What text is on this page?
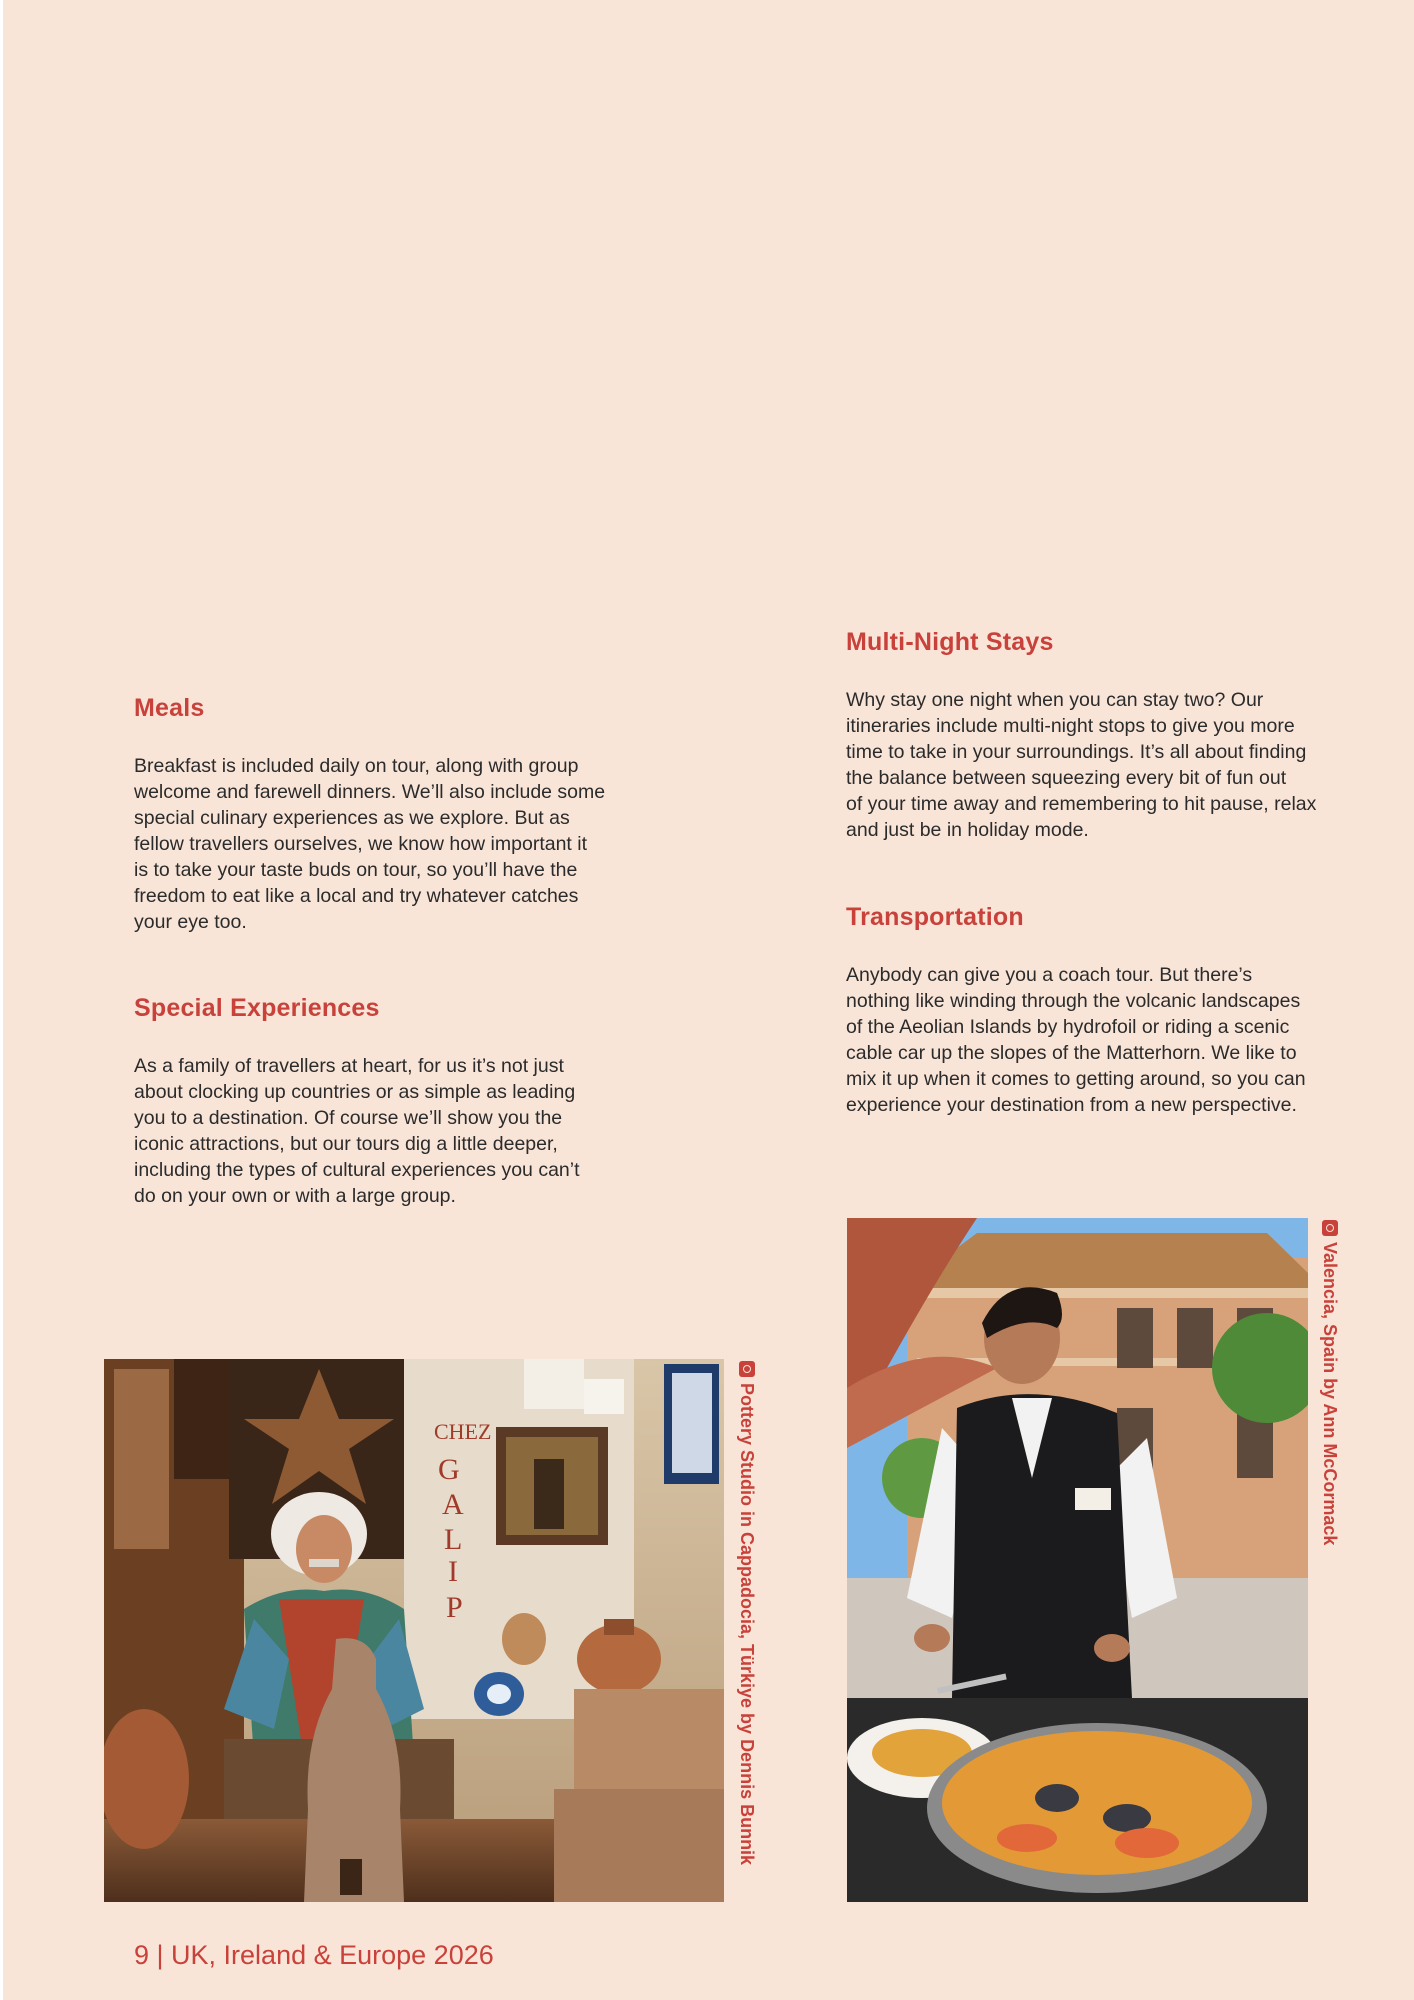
Meals

Breakfast is included daily on tour, along with group
welcome and farewell dinners. We’ll also include some
special culinary experiences as we explore. But as
fellow travellers ourselves, we know how important it
is to take your taste buds on tour, so you’ll have the
freedom to eat like a local and try whatever catches
your eye too.

Special Experiences

As a family of travellers at heart, for us it’s not just
about clocking up countries or as simple as leading
you to a destination. Of course we’ll show you the
iconic attractions, but our tours dig a little deeper,
including the types of cultural experiences you can’t
do on your own or with a large group.

Multi-Night Stays

Why stay one night when you can stay two? Our
itineraries include multi-night stops to give you more
time to take in your surroundings. It’s all about finding
the balance between squeezing every bit of fun out
of your time away and remembering to hit pause, relax
and just be in holiday mode.

Transportation

Anybody can give you a coach tour. But there’s
nothing like winding through the volcanic landscapes
of the Aeolian Islands by hydrofoil or riding a scenic
cable car up the slopes of the Matterhorn. We like to
mix it up when it comes to getting around, so you can
experience your destination from a new perspective.

CHEZ
G
A
L
I
P	Pottery Studio in Cappadocia, Türkiye by Dennis Bunnik	Valencia, Spain by Ann McCormack
9 | UK, Ireland & Europe 2026
